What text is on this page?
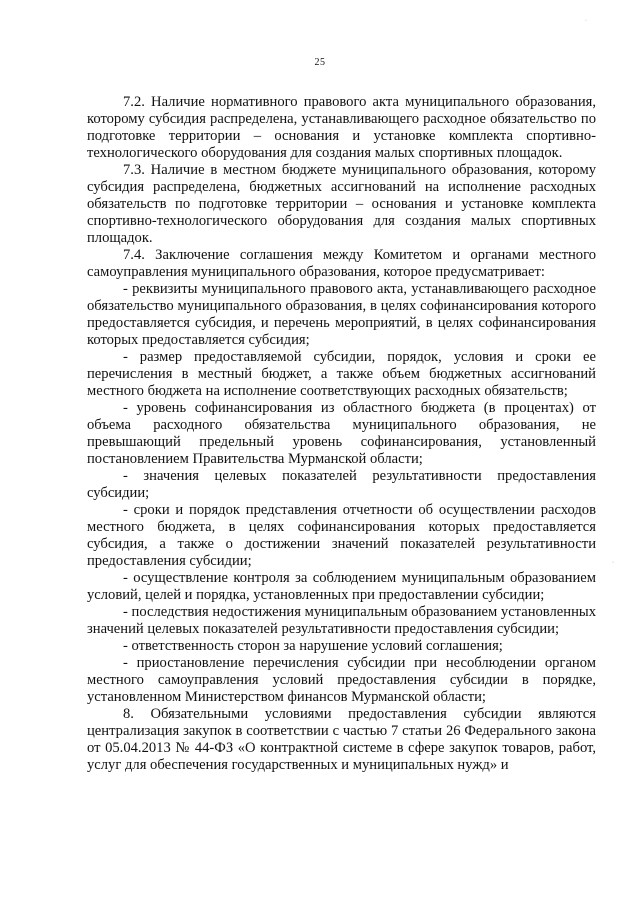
25

7.2. Наличие нормативного правового акта муниципального образования, которому субсидия распределена, устанавливающего расходное обязательство по подготовке территории – основания и установке комплекта спортивно-технологического оборудования для создания малых спортивных площадок.

7.3. Наличие в местном бюджете муниципального образования, которому субсидия распределена, бюджетных ассигнований на исполнение расходных обязательств по подготовке территории – основания и установке комплекта спортивно-технологического оборудования для создания малых спортивных площадок.

7.4. Заключение соглашения между Комитетом и органами местного самоуправления муниципального образования, которое предусматривает:

- реквизиты муниципального правового акта, устанавливающего расходное обязательство муниципального образования, в целях софинансирования которого предоставляется субсидия, и перечень мероприятий, в целях софинансирования которых предоставляется субсидия;

- размер предоставляемой субсидии, порядок, условия и сроки ее перечисления в местный бюджет, а также объем бюджетных ассигнований местного бюджета на исполнение соответствующих расходных обязательств;

- уровень софинансирования из областного бюджета (в процентах) от объема расходного обязательства муниципального образования, не превышающий предельный уровень софинансирования, установленный постановлением Правительства Мурманской области;

- значения целевых показателей результативности предоставления субсидии;

- сроки и порядок представления отчетности об осуществлении расходов местного бюджета, в целях софинансирования которых предоставляется субсидия, а также о достижении значений показателей результативности предоставления субсидии;

- осуществление контроля за соблюдением муниципальным образованием условий, целей и порядка, установленных при предоставлении субсидии;

- последствия недостижения муниципальным образованием установленных значений целевых показателей результативности предоставления субсидии;

- ответственность сторон за нарушение условий соглашения;

- приостановление перечисления субсидии при несоблюдении органом местного самоуправления условий предоставления субсидии в порядке, установленном Министерством финансов Мурманской области;

8. Обязательными условиями предоставления субсидии являются централизация закупок в соответствии с частью 7 статьи 26 Федерального закона от 05.04.2013 № 44-ФЗ «О контрактной системе в сфере закупок товаров, работ, услуг для обеспечения государственных и муниципальных нужд» и

·
·
